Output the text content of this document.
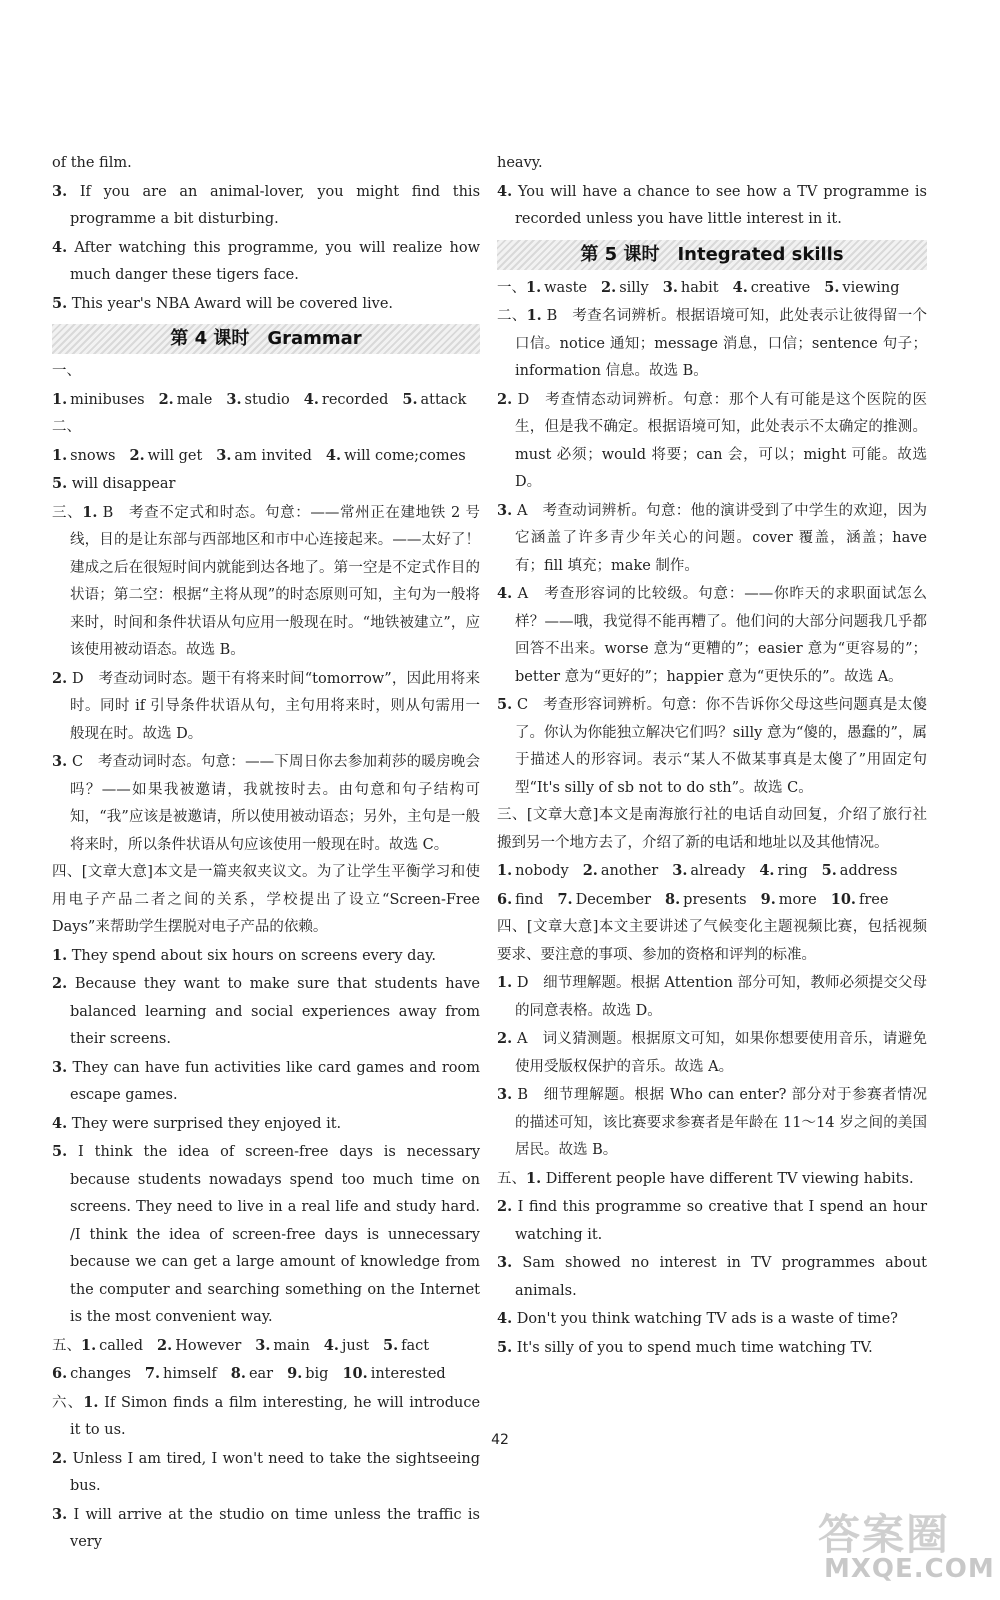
of the film.

3. If you are an animal-lover, you might find this programme a bit disturbing.

4. After watching this programme, you will realize how much danger these tigers face.

5. This year's NBA Award will be covered live.

第 4 课时　Grammar

一、1. minibuses 2. male 3. studio 4. recorded 5. attack

二、1. snows 2. will get 3. am invited 4. will come;comes

5. will disappear

三、1. B　考查不定式和时态。句意：——常州正在建地铁 2 号线，目的是让东部与西部地区和市中心连接起来。——太好了！建成之后在很短时间内就能到达各地了。第一空是不定式作目的状语；第二空：根据“主将从现”的时态原则可知，主句为一般将来时，时间和条件状语从句应用一般现在时。“地铁被建立”，应该使用被动语态。故选 B。

2. D　考查动词时态。题干有将来时间“tomorrow”，因此用将来时。同时 if 引导条件状语从句，主句用将来时，则从句需用一般现在时。故选 D。

3. C　考查动词时态。句意：——下周日你去参加莉莎的暖房晚会吗？——如果我被邀请，我就按时去。由句意和句子结构可知，“我”应该是被邀请，所以使用被动语态；另外，主句是一般将来时，所以条件状语从句应该使用一般现在时。故选 C。

四、[文章大意]本文是一篇夹叙夹议文。为了让学生平衡学习和使用电子产品二者之间的关系，学校提出了设立“Screen-Free Days”来帮助学生摆脱对电子产品的依赖。

1. They spend about six hours on screens every day.

2. Because they want to make sure that students have balanced learning and social experiences away from their screens.

3. They can have fun activities like card games and room escape games.

4. They were surprised they enjoyed it.

5. I think the idea of screen-free days is necessary because students nowadays spend too much time on screens. They need to live in a real life and study hard. /I think the idea of screen-free days is unnecessary because we can get a large amount of knowledge from the computer and searching something on the Internet is the most convenient way.

五、1. called 2. However 3. main 4. just 5. fact

6. changes 7. himself 8. ear 9. big 10. interested

六、1. If Simon finds a film interesting, he will introduce it to us.

2. Unless I am tired, I won't need to take the sightseeing bus.

3. I will arrive at the studio on time unless the traffic is very

heavy.

4. You will have a chance to see how a TV programme is recorded unless you have little interest in it.

第 5 课时　Integrated skills

一、1. waste 2. silly 3. habit 4. creative 5. viewing

二、1. B　考查名词辨析。根据语境可知，此处表示让彼得留一个口信。notice 通知；message 消息，口信；sentence 句子；information 信息。故选 B。

2. D　考查情态动词辨析。句意：那个人有可能是这个医院的医生，但是我不确定。根据语境可知，此处表示不太确定的推测。must 必须；would 将要；can 会，可以；might 可能。故选 D。

3. A　考查动词辨析。句意：他的演讲受到了中学生的欢迎，因为它涵盖了许多青少年关心的问题。cover 覆盖，涵盖；have 有；fill 填充；make 制作。

4. A　考查形容词的比较级。句意：——你昨天的求职面试怎么样？——哦，我觉得不能再糟了。他们问的大部分问题我几乎都回答不出来。worse 意为“更糟的”；easier 意为“更容易的”；better 意为“更好的”；happier 意为“更快乐的”。故选 A。

5. C　考查形容词辨析。句意：你不告诉你父母这些问题真是太傻了。你认为你能独立解决它们吗？silly 意为“傻的，愚蠢的”，属于描述人的形容词。表示“某人不做某事真是太傻了”用固定句型“It's silly of sb not to do sth”。故选 C。

三、[文章大意]本文是南海旅行社的电话自动回复，介绍了旅行社搬到另一个地方去了，介绍了新的电话和地址以及其他情况。

1. nobody 2. another 3. already 4. ring 5. address

6. find 7. December 8. presents 9. more 10. free

四、[文章大意]本文主要讲述了气候变化主题视频比赛，包括视频要求、要注意的事项、参加的资格和评判的标准。

1. D　细节理解题。根据 Attention 部分可知，教师必须提交父母的同意表格。故选 D。

2. A　词义猜测题。根据原文可知，如果你想要使用音乐，请避免使用受版权保护的音乐。故选 A。

3. B　细节理解题。根据 Who can enter? 部分对于参赛者情况的描述可知，该比赛要求参赛者是年龄在 11～14 岁之间的美国居民。故选 B。

五、1. Different people have different TV viewing habits.

2. I find this programme so creative that I spend an hour watching it.

3. Sam showed no interest in TV programmes about animals.

4. Don't you think watching TV ads is a waste of time?

5. It's silly of you to spend much time watching TV.

42
答案圈
MXQE.COM
